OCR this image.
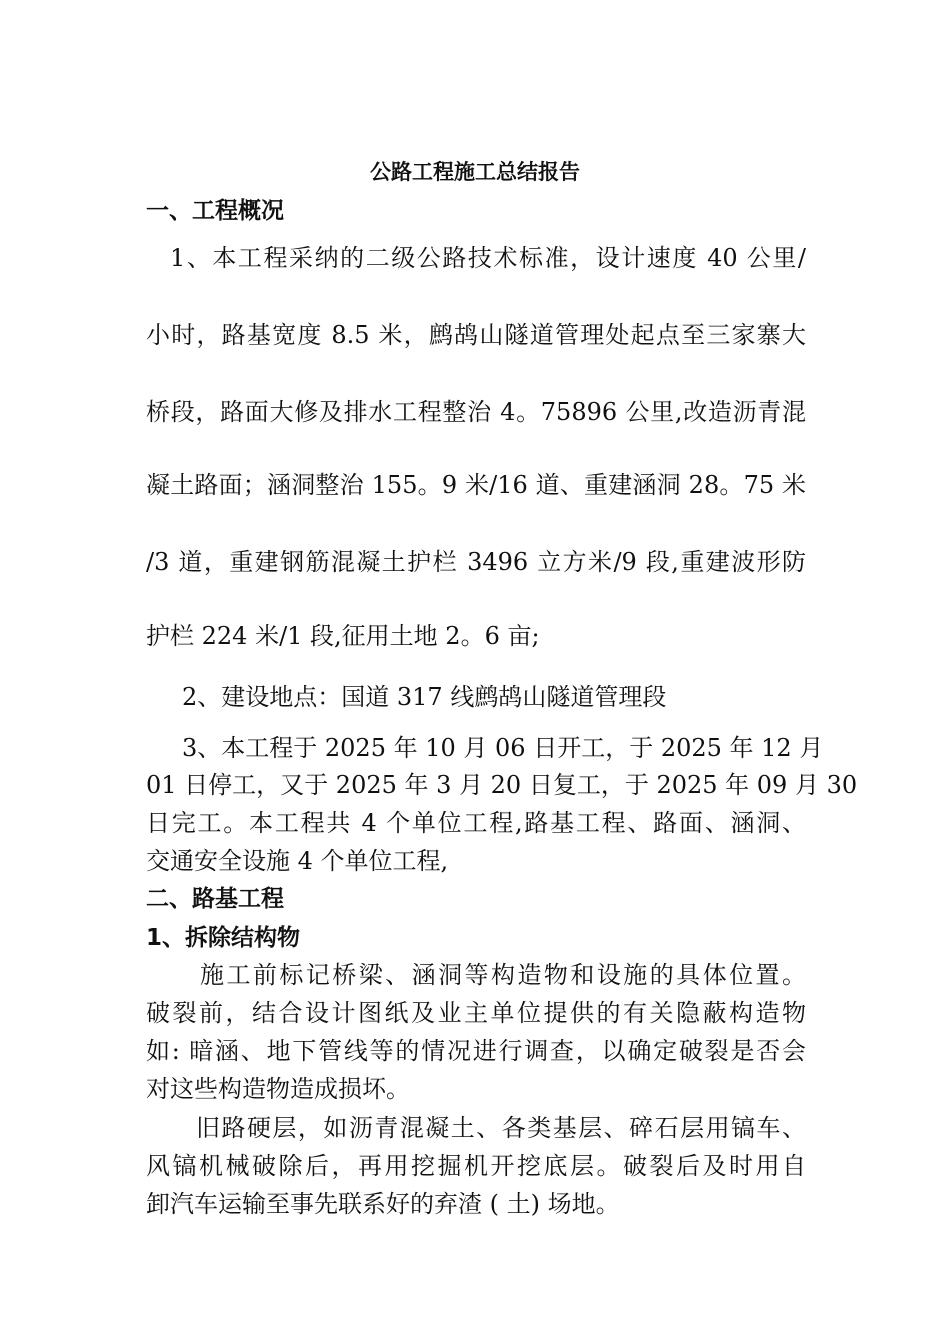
公路工程施工总结报告
一、工程概况
1、本工程采纳的二级公路技术标准，设计速度 40 公里/
小时，路基宽度 8.5 米，鹧鸪山隧道管理处起点至三家寨大
桥段，路面大修及排水工程整治 4。75896 公里,改造沥青混
凝土路面；涵洞整治 155。9 米/16 道、重建涵洞 28。75 米
/3 道，重建钢筋混凝土护栏 3496 立方米/9 段,重建波形防
护栏 224 米/1 段,征用土地 2。6 亩;
2、建设地点：国道 317 线鹧鸪山隧道管理段
3、本工程于 2025 年 10 月 06 日开工，于 2025 年 12 月
01 日停工，又于 2025 年 3 月 20 日复工，于 2025 年 09 月 30
日完工。本工程共 4 个单位工程,路基工程、路面、涵洞、
交通安全设施 4 个单位工程,
二、路基工程
1、拆除结构物
施工前标记桥梁、涵洞等构造物和设施的具体位置。
破裂前，结合设计图纸及业主单位提供的有关隐蔽构造物
如: 暗涵、地下管线等的情况进行调查，以确定破裂是否会
对这些构造物造成损坏。
旧路硬层，如沥青混凝土、各类基层、碎石层用镐车、
风镐机械破除后，再用挖掘机开挖底层。破裂后及时用自
卸汽车运输至事先联系好的弃渣 ( 土) 场地。
